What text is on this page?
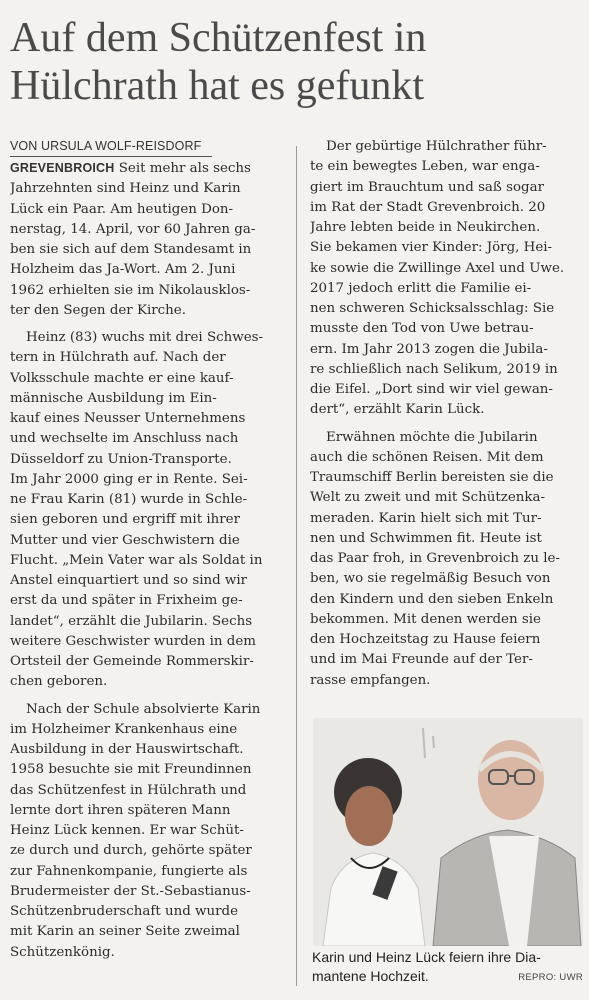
Auf dem Schützenfest in
Hülchrath hat es gefunkt
VON URSULA WOLF-REISDORF

GREVENBROICH Seit mehr als sechs
Jahrzehnten sind Heinz und Karin
Lück ein Paar. Am heutigen Don-
nerstag, 14. April, vor 60 Jahren ga-
ben sie sich auf dem Standesamt in
Holzheim das Ja-Wort. Am 2. Juni
1962 erhielten sie im Nikolausklos-
ter den Segen der Kirche.

Heinz (83) wuchs mit drei Schwes-
tern in Hülchrath auf. Nach der
Volksschule machte er eine kauf-
männische Ausbildung im Ein-
kauf eines Neusser Unternehmens
und wechselte im Anschluss nach
Düsseldorf zu Union-Transporte.
Im Jahr 2000 ging er in Rente. Sei-
ne Frau Karin (81) wurde in Schle-
sien geboren und ergriff mit ihrer
Mutter und vier Geschwistern die
Flucht. „Mein Vater war als Soldat in
Anstel einquartiert und so sind wir
erst da und später in Frixheim ge-
landet“, erzählt die Jubilarin. Sechs
weitere Geschwister wurden in dem
Ortsteil der Gemeinde Rommerskir-
chen geboren.

Nach der Schule absolvierte Karin
im Holzheimer Krankenhaus eine
Ausbildung in der Hauswirtschaft.
1958 besuchte sie mit Freundinnen
das Schützenfest in Hülchrath und
lernte dort ihren späteren Mann
Heinz Lück kennen. Er war Schüt-
ze durch und durch, gehörte später
zur Fahnenkompanie, fungierte als
Brudermeister der St.-Sebastianus-
Schützenbruderschaft und wurde
mit Karin an seiner Seite zweimal
Schützenkönig.

Der gebürtige Hülchrather führ-
te ein bewegtes Leben, war enga-
giert im Brauchtum und saß sogar
im Rat der Stadt Grevenbroich. 20
Jahre lebten beide in Neukirchen.
Sie bekamen vier Kinder: Jörg, Hei-
ke sowie die Zwillinge Axel und Uwe.
2017 jedoch erlitt die Familie ei-
nen schweren Schicksalsschlag: Sie
musste den Tod von Uwe betrau-
ern. Im Jahr 2013 zogen die Jubila-
re schließlich nach Selikum, 2019 in
die Eifel. „Dort sind wir viel gewan-
dert“, erzählt Karin Lück.

Erwähnen möchte die Jubilarin
auch die schönen Reisen. Mit dem
Traumschiff Berlin bereisten sie die
Welt zu zweit und mit Schützenka-
meraden. Karin hielt sich mit Tur-
nen und Schwimmen fit. Heute ist
das Paar froh, in Grevenbroich zu le-
ben, wo sie regelmäßig Besuch von
den Kindern und den sieben Enkeln
bekommen. Mit denen werden sie
den Hochzeitstag zu Hause feiern
und im Mai Freunde auf der Ter-
rasse empfangen.

Karin und Heinz Lück feiern ihre Dia-
mantene Hochzeit.	REPRO: UWR
